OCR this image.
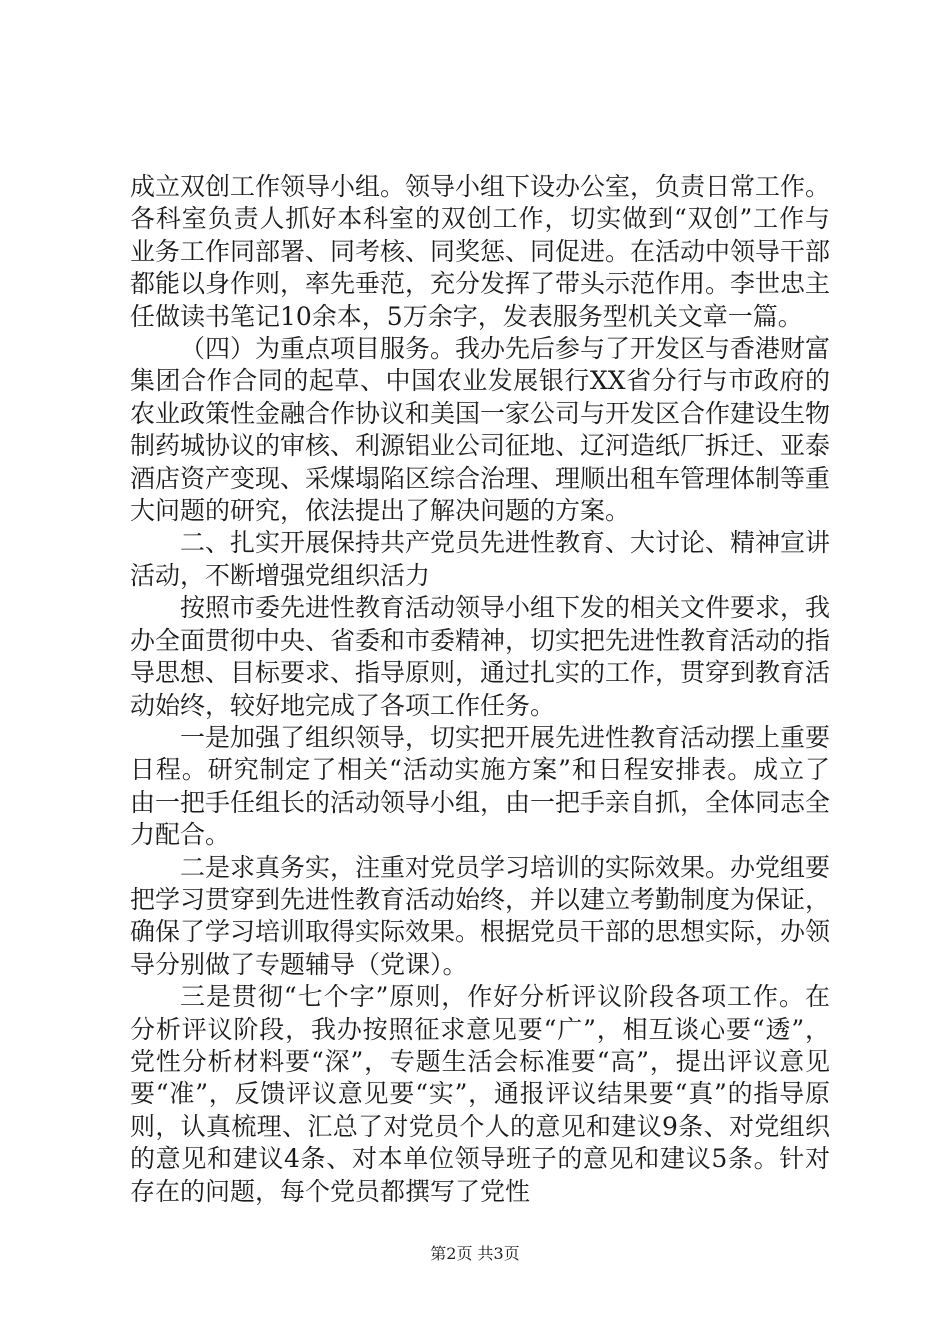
成立双创工作领导小组。领导小组下设办公室，负责日常工作。各科室负责人抓好本科室的双创工作，切实做到“双创”工作与业务工作同部署、同考核、同奖惩、同促进。在活动中领导干部都能以身作则，率先垂范，充分发挥了带头示范作用。李世忠主任做读书笔记10余本，5万余字，发表服务型机关文章一篇。

（四）为重点项目服务。我办先后参与了开发区与香港财富集团合作合同的起草、中国农业发展银行XX省分行与市政府的农业政策性金融合作协议和美国一家公司与开发区合作建设生物制药城协议的审核、利源铝业公司征地、辽河造纸厂拆迁、亚泰酒店资产变现、采煤塌陷区综合治理、理顺出租车管理体制等重大问题的研究，依法提出了解决问题的方案。

二、扎实开展保持共产党员先进性教育、大讨论、精神宣讲活动，不断增强党组织活力

按照市委先进性教育活动领导小组下发的相关文件要求，我办全面贯彻中央、省委和市委精神，切实把先进性教育活动的指导思想、目标要求、指导原则，通过扎实的工作，贯穿到教育活动始终，较好地完成了各项工作任务。

一是加强了组织领导，切实把开展先进性教育活动摆上重要日程。研究制定了相关“活动实施方案”和日程安排表。成立了由一把手任组长的活动领导小组，由一把手亲自抓，全体同志全力配合。

二是求真务实，注重对党员学习培训的实际效果。办党组要把学习贯穿到先进性教育活动始终，并以建立考勤制度为保证，确保了学习培训取得实际效果。根据党员干部的思想实际，办领导分别做了专题辅导（党课）。

三是贯彻“七个字”原则，作好分析评议阶段各项工作。在分析评议阶段，我办按照征求意见要“广”，相互谈心要“透”，党性分析材料要“深”，专题生活会标准要“高”，提出评议意见要“准”，反馈评议意见要“实”，通报评议结果要“真”的指导原则，认真梳理、汇总了对党员个人的意见和建议9条、对党组织的意见和建议4条、对本单位领导班子的意见和建议5条。针对存在的问题，每个党员都撰写了党性

第2页 共3页
